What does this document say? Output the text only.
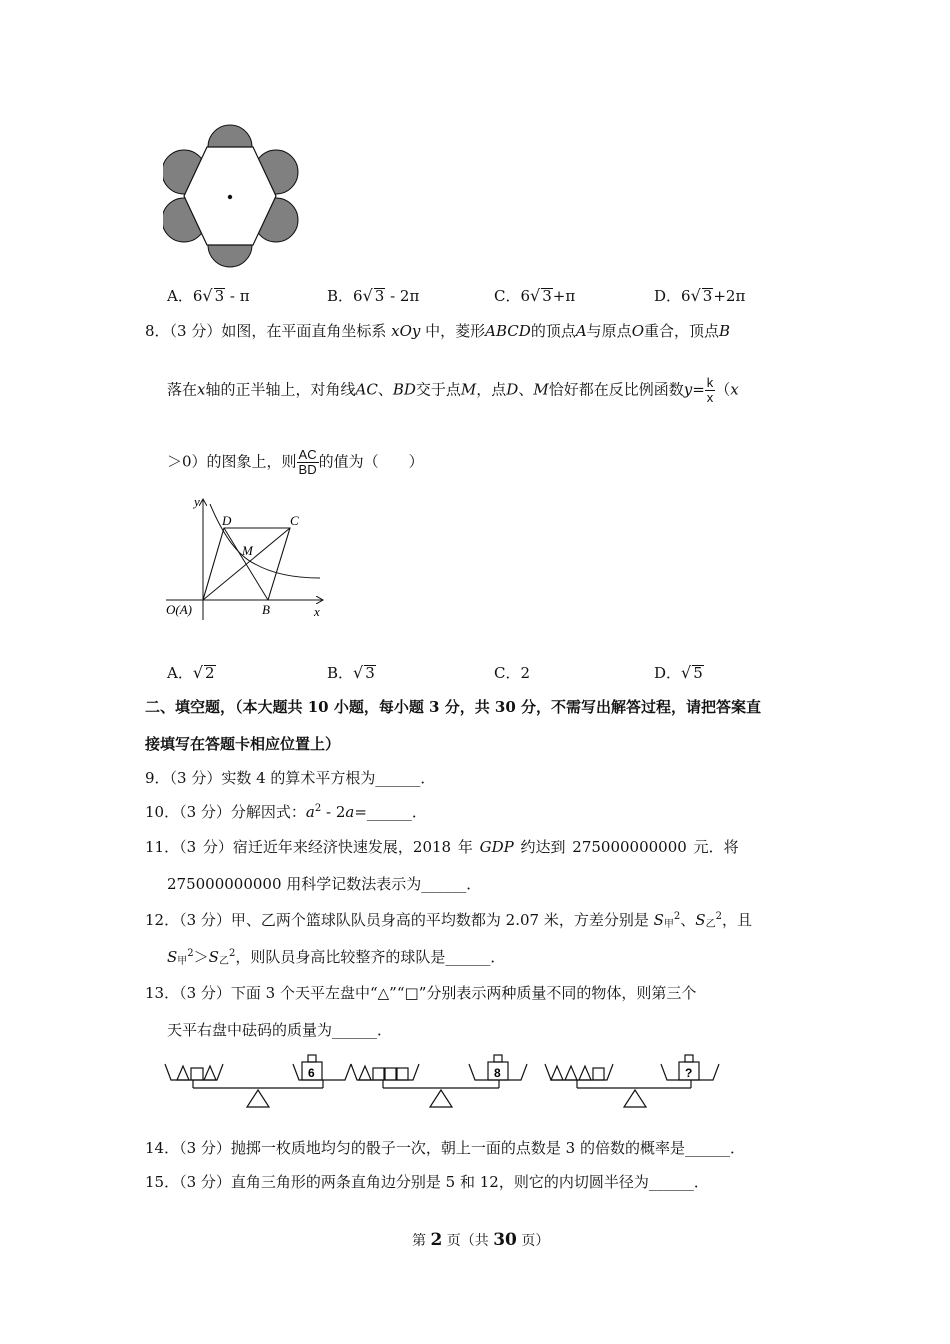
A．6√ 3 - π	B．6√ 3 - 2π	C．6√ 3+π	D．6√ 3+2π
8．（3 分）如图，在平面直角坐标系 xOy 中，菱形ABCD的顶点A与原点O重合，顶点B
落在x轴的正半轴上，对角线AC、BD交于点M，点D、M恰好都在反比例函数$y= \frac{k}{x} (x$
＞0）的图象上，则 $\frac{AC}{BD}$ 的值为（　　）
y
D	C
M
O(A)	B	x
A．√ 2	B．√ 3	C．2	D．√ 5
二、填空题，（本大题共 10 小题，每小题 3 分，共 30 分，不需写出解答过程，请把答案直
接填写在答题卡相应位置上）
9．（3 分）实数 4 的算术平方根为______．
10．（3 分）分解因式：$a^2$ - 2a=______．
11．（3 分）宿迁近年来经济快速发展，2018 年 GDP 约达到 275000000000 元．将
275000000000 用科学记数法表示为______．
12．（3 分）甲、乙两个篮球队队员身高的平均数都为 2.07 米，方差分别是 $S_甲^2$、$S_乙^2$，且
$S_甲^2>S_乙^2$，则队员身高比较整齐的球队是______．
13．（3 分）下面 3 个天平左盘中“△”“□”分别表示两种质量不同的物体，则第三个
天平右盘中砝码的质量为______．
6	8	?
14．（3 分）抛掷一枚质地均匀的骰子一次，朝上一面的点数是 3 的倍数的概率是______．
15．（3 分）直角三角形的两条直角边分别是 5 和 12，则它的内切圆半径为______．
第 2 页（共 30 页）
